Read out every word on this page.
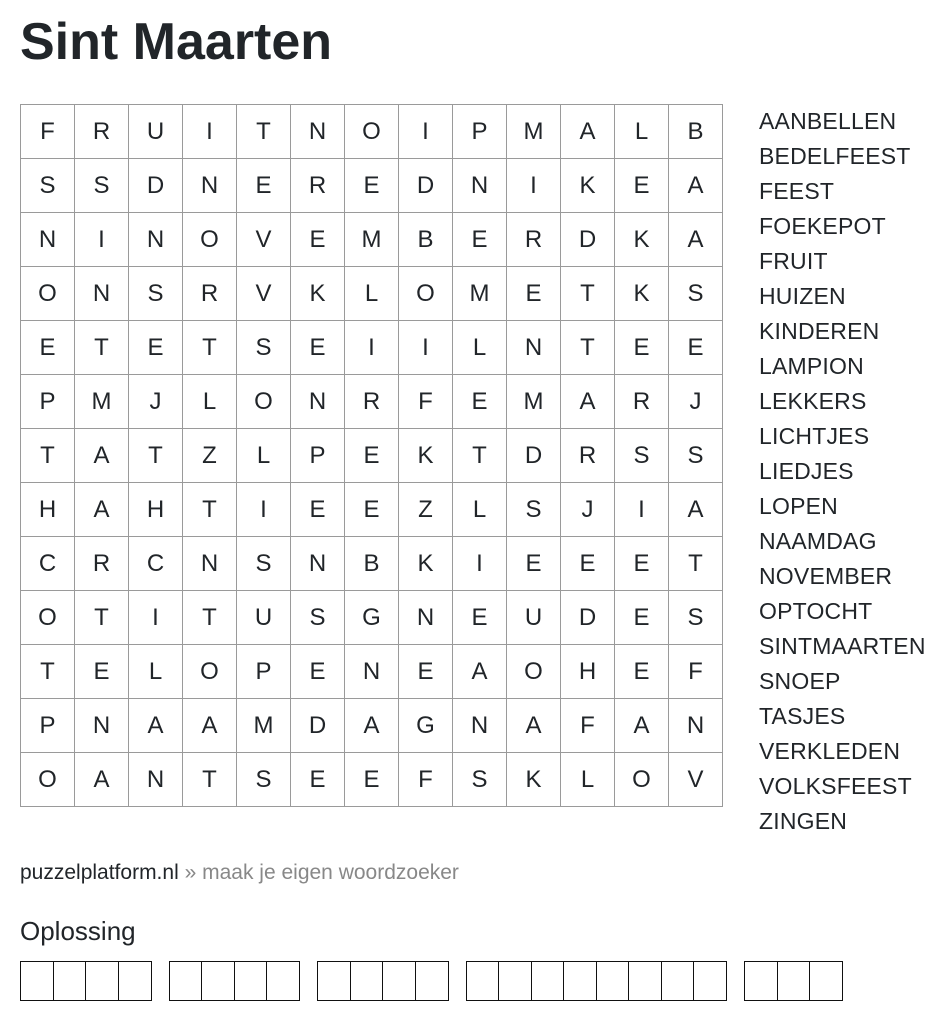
Sint Maarten
F	R	U	I	T	N	O	I	P	M	A	L	B
S	S	D	N	E	R	E	D	N	I	K	E	A
N	I	N	O	V	E	M	B	E	R	D	K	A
O	N	S	R	V	K	L	O	M	E	T	K	S
E	T	E	T	S	E	I	I	L	N	T	E	E
P	M	J	L	O	N	R	F	E	M	A	R	J
T	A	T	Z	L	P	E	K	T	D	R	S	S
H	A	H	T	I	E	E	Z	L	S	J	I	A
C	R	C	N	S	N	B	K	I	E	E	E	T
O	T	I	T	U	S	G	N	E	U	D	E	S
T	E	L	O	P	E	N	E	A	O	H	E	F
P	N	A	A	M	D	A	G	N	A	F	A	N
O	A	N	T	S	E	E	F	S	K	L	O	V
AANBELLEN
BEDELFEEST
FEEST
FOEKEPOT
FRUIT
HUIZEN
KINDEREN
LAMPION
LEKKERS
LICHTJES
LIEDJES
LOPEN
NAAMDAG
NOVEMBER
OPTOCHT
SINTMAARTEN
SNOEP
TASJES
VERKLEDEN
VOLKSFEEST
ZINGEN
puzzelplatform.nl » maak je eigen woordzoeker
Oplossing
